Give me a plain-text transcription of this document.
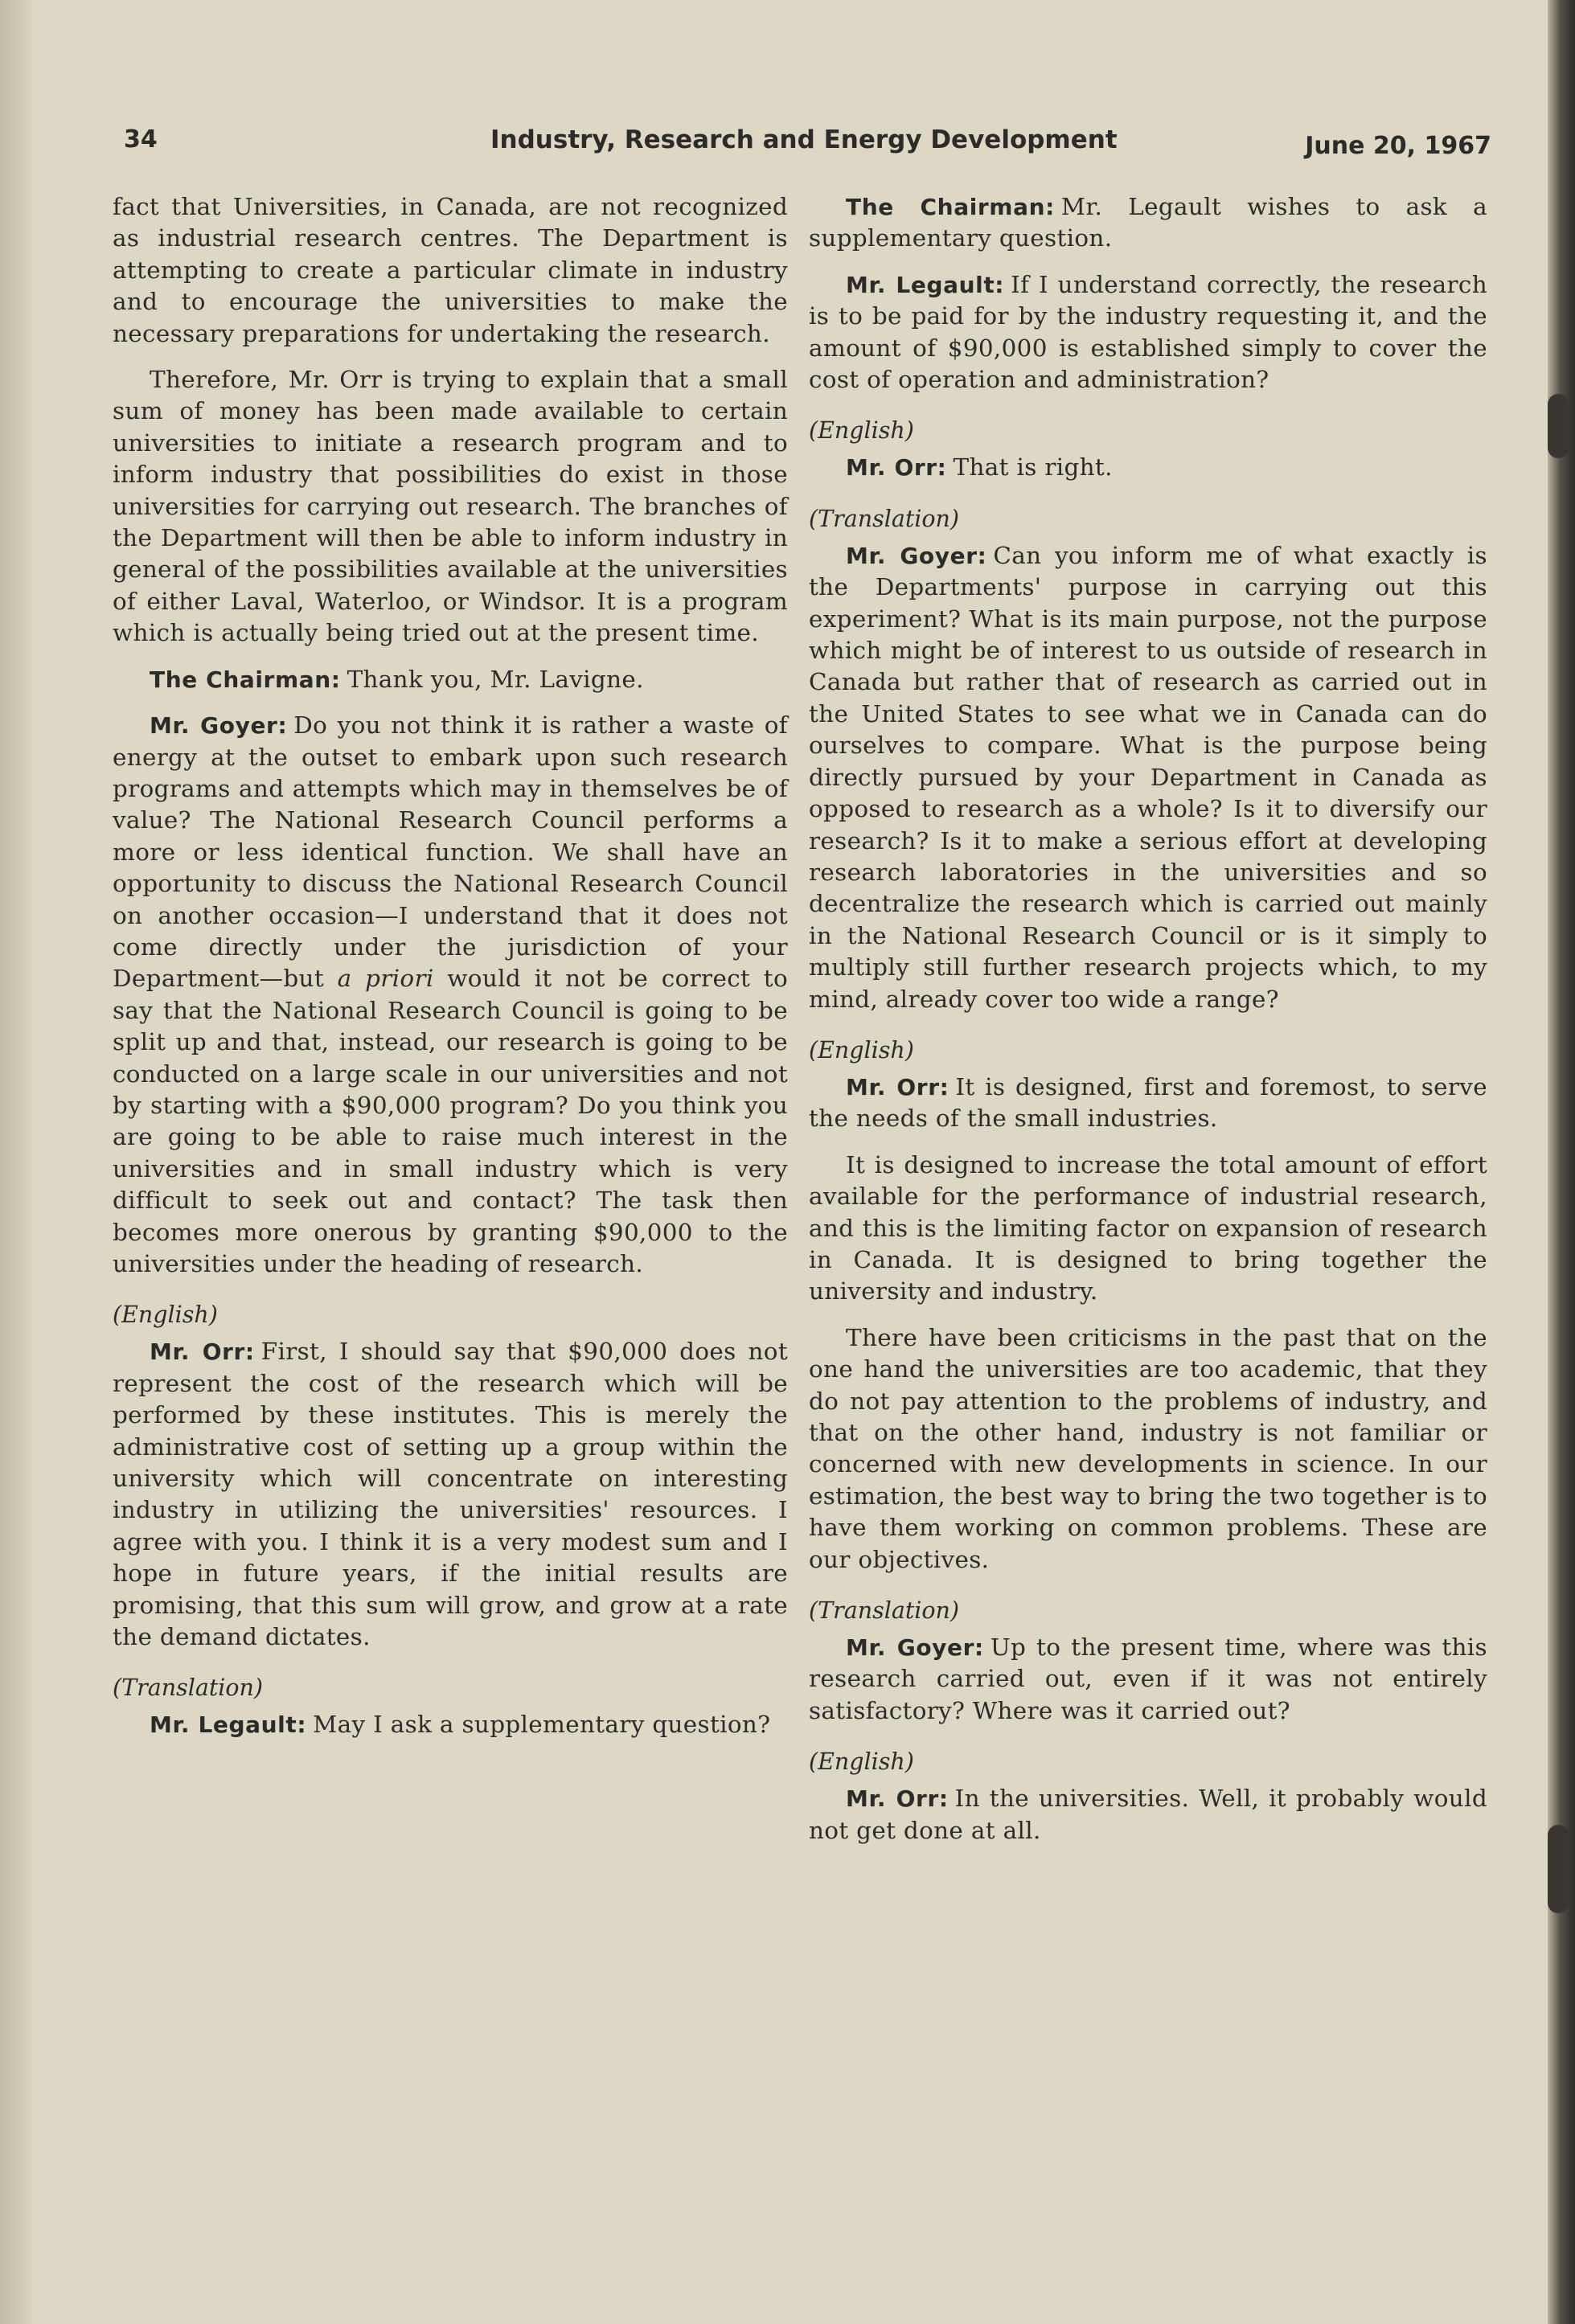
34	Industry, Research and Energy Development	June 20, 1967

fact that Universities, in Canada, are not recognized as industrial research centres. The Department is attempting to create a particular climate in industry and to encourage the universities to make the necessary preparations for undertaking the research.

Therefore, Mr. Orr is trying to explain that a small sum of money has been made available to certain universities to initiate a research program and to inform industry that possibilities do exist in those universities for carrying out research. The branches of the Department will then be able to inform industry in general of the possibilities available at the universities of either Laval, Waterloo, or Windsor. It is a program which is actually being tried out at the present time.

The Chairman: Thank you, Mr. Lavigne.

Mr. Goyer: Do you not think it is rather a waste of energy at the outset to embark upon such research programs and attempts which may in themselves be of value? The National Research Council performs a more or less identical function. We shall have an opportunity to discuss the National Research Council on another occasion—I understand that it does not come directly under the jurisdiction of your Department—but a priori would it not be correct to say that the National Research Council is going to be split up and that, instead, our research is going to be conducted on a large scale in our universities and not by starting with a $90,000 program? Do you think you are going to be able to raise much interest in the universities and in small industry which is very difficult to seek out and contact? The task then becomes more onerous by granting $90,000 to the universities under the heading of research.

(English)

Mr. Orr: First, I should say that $90,000 does not represent the cost of the research which will be performed by these institutes. This is merely the administrative cost of setting up a group within the university which will concentrate on interesting industry in utilizing the universities' resources. I agree with you. I think it is a very modest sum and I hope in future years, if the initial results are promising, that this sum will grow, and grow at a rate the demand dictates.

(Translation)

Mr. Legault: May I ask a supplementary question?

The Chairman: Mr. Legault wishes to ask a supplementary question.

Mr. Legault: If I understand correctly, the research is to be paid for by the industry requesting it, and the amount of $90,000 is established simply to cover the cost of operation and administration?

(English)

Mr. Orr: That is right.

(Translation)

Mr. Goyer: Can you inform me of what exactly is the Departments' purpose in carrying out this experiment? What is its main purpose, not the purpose which might be of interest to us outside of research in Canada but rather that of research as carried out in the United States to see what we in Canada can do ourselves to compare. What is the purpose being directly pursued by your Department in Canada as opposed to research as a whole? Is it to diversify our research? Is it to make a serious effort at developing research laboratories in the universities and so decentralize the research which is carried out mainly in the National Research Council or is it simply to multiply still further research projects which, to my mind, already cover too wide a range?

(English)

Mr. Orr: It is designed, first and foremost, to serve the needs of the small industries.

It is designed to increase the total amount of effort available for the performance of industrial research, and this is the limiting factor on expansion of research in Canada. It is designed to bring together the university and industry.

There have been criticisms in the past that on the one hand the universities are too academic, that they do not pay attention to the problems of industry, and that on the other hand, industry is not familiar or concerned with new developments in science. In our estimation, the best way to bring the two together is to have them working on common problems. These are our objectives.

(Translation)

Mr. Goyer: Up to the present time, where was this research carried out, even if it was not entirely satisfactory? Where was it carried out?

(English)

Mr. Orr: In the universities. Well, it probably would not get done at all.
